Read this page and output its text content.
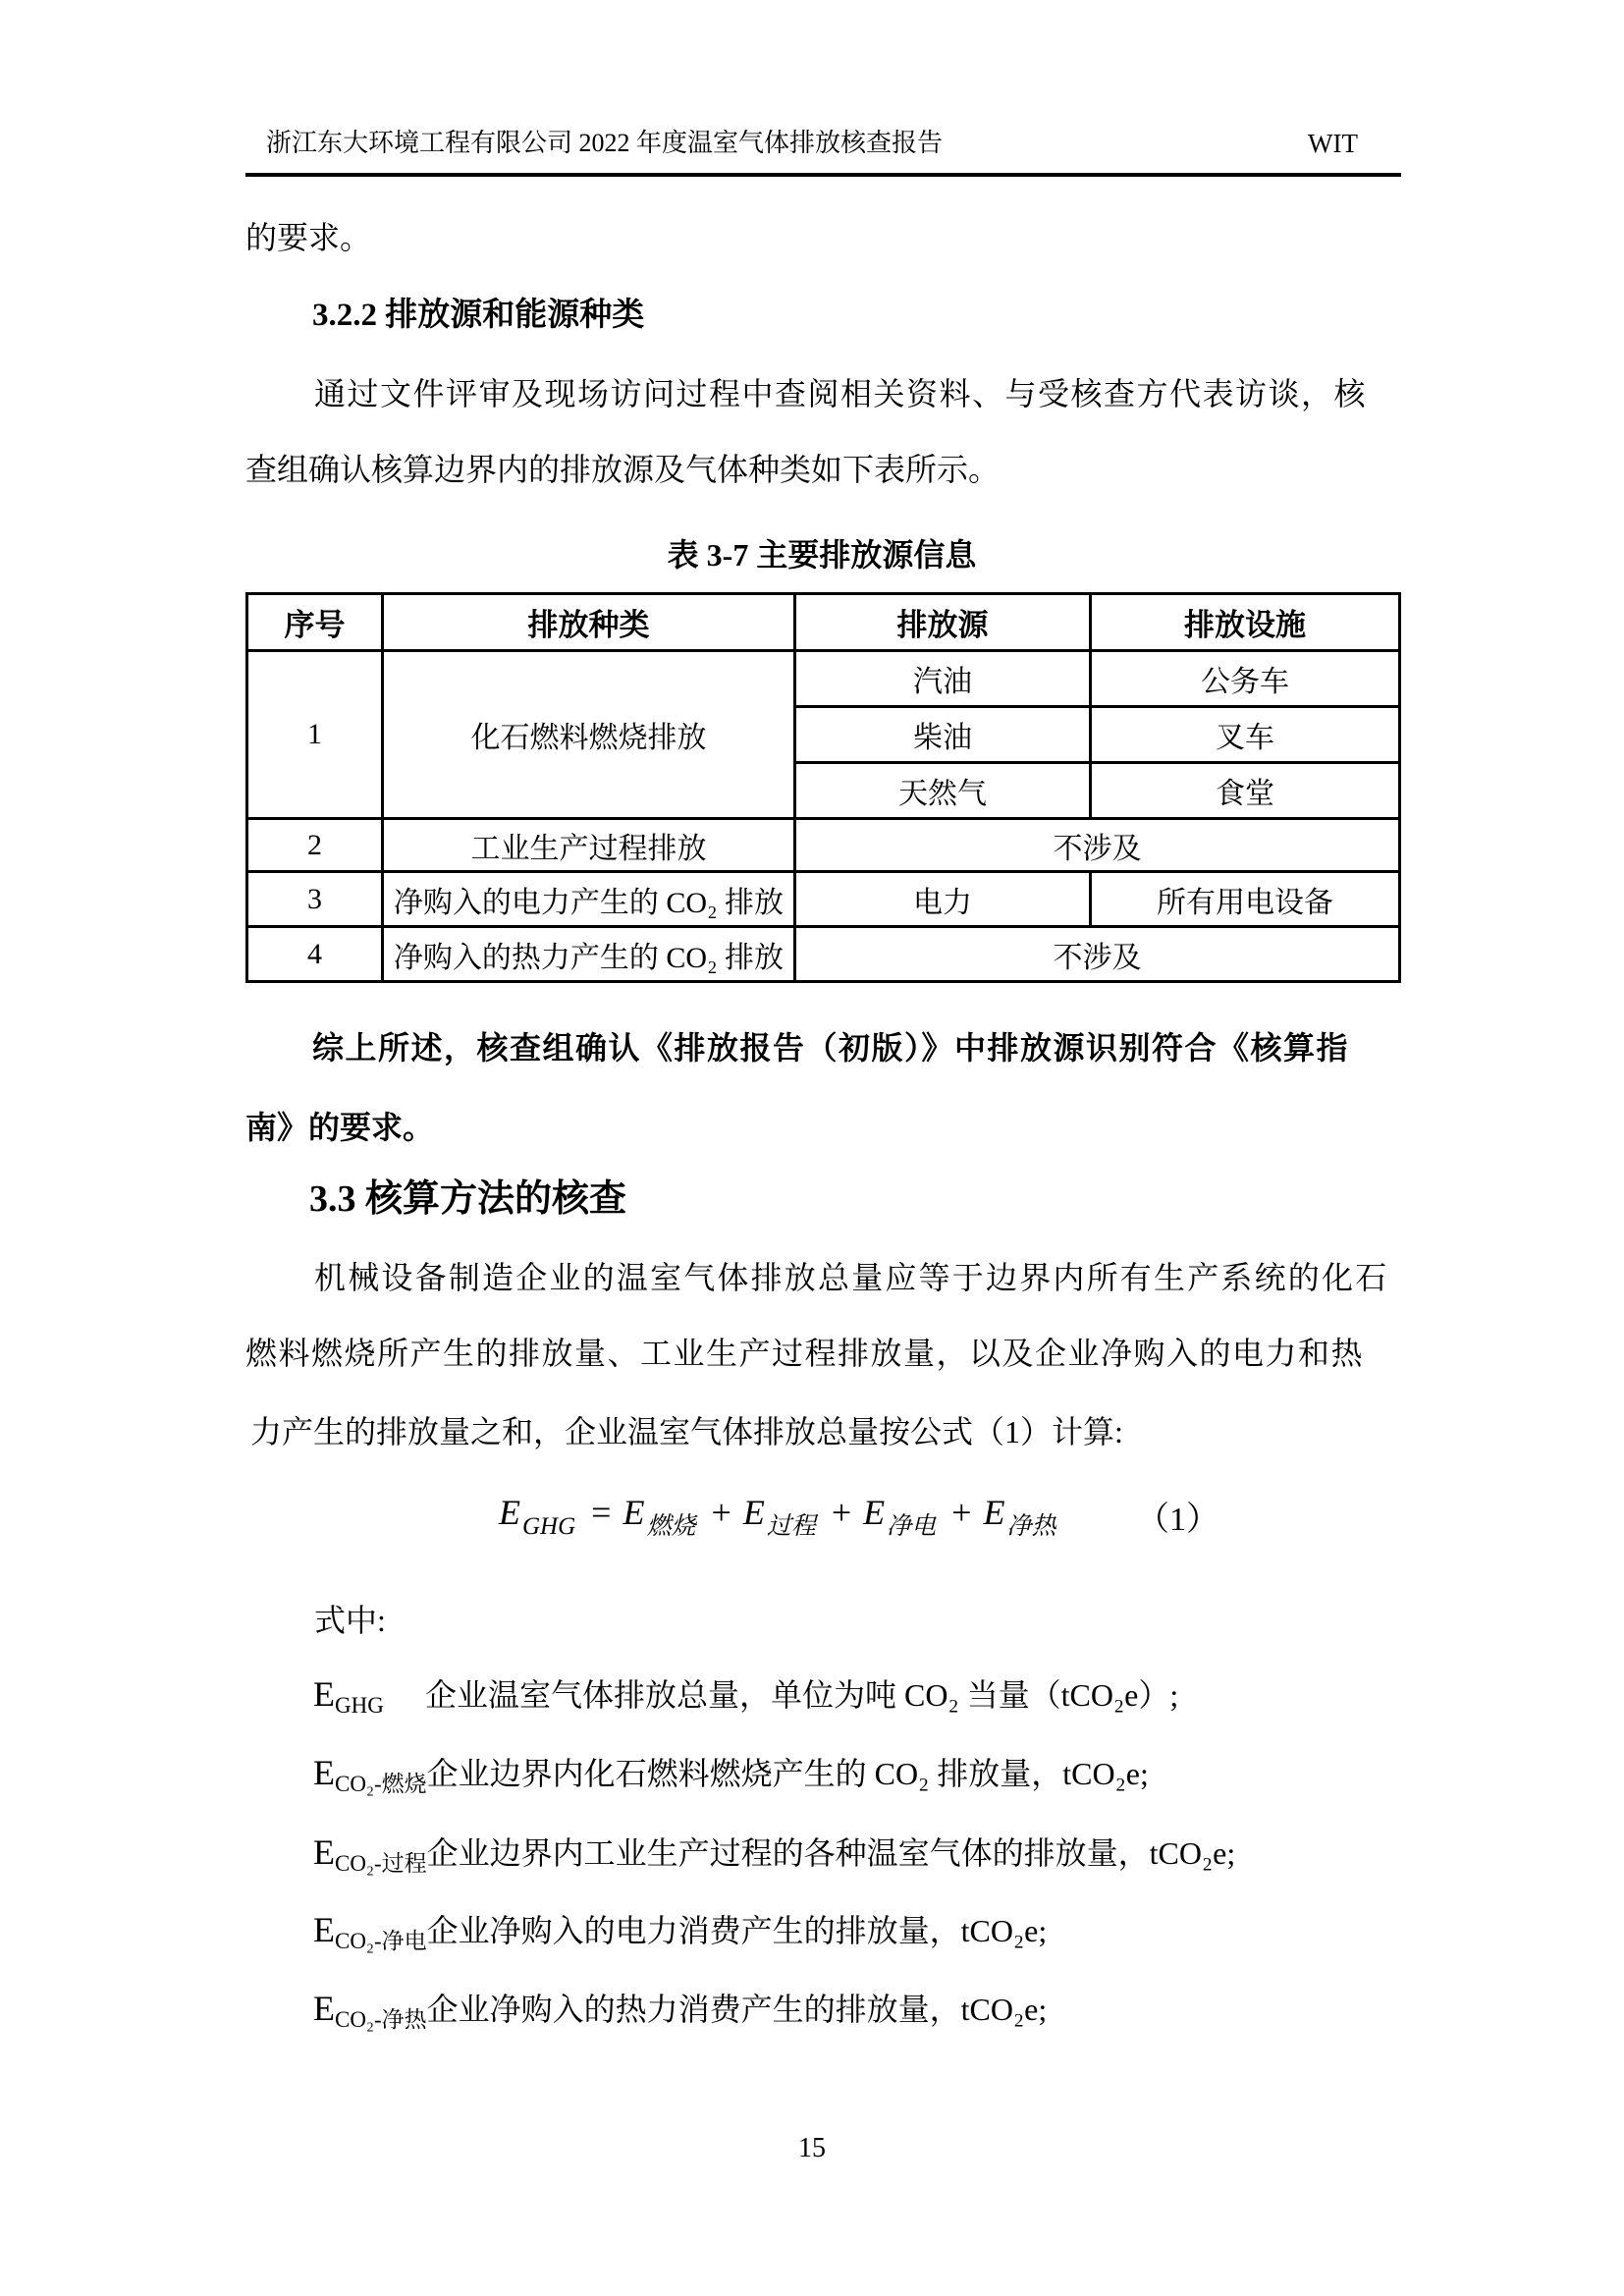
浙江东大环境工程有限公司 2022 年度温室气体排放核查报告	WIT
的要求。
3.2.2 排放源和能源种类
通过文件评审及现场访问过程中查阅相关资料、与受核查方代表访谈，核
查组确认核算边界内的排放源及气体种类如下表所示。
表 3-7 主要排放源信息
序号	排放种类	排放源	排放设施
1	化石燃料燃烧排放	汽油	公务车
		柴油	叉车
		天然气	食堂
2	工业生产过程排放	不涉及	
3	净购入的电力产生的 CO₂ 排放	电力	所有用电设备
4	净购入的热力产生的 CO₂ 排放	不涉及	
综上所述，核查组确认《排放报告（初版）》中排放源识别符合《核算指
南》的要求。
3.3 核算方法的核查
机械设备制造企业的温室气体排放总量应等于边界内所有生产系统的化石
燃料燃烧所产生的排放量、工业生产过程排放量，以及企业净购入的电力和热
力产生的排放量之和，企业温室气体排放总量按公式（1）计算:
$E_{GHG} = E_{燃烧} + E_{过程} + E_{净电} + E_{净热}$ （1）
式中:
$E_{GHG}$	企业温室气体排放总量，单位为吨 CO₂ 当量（tCO₂e）;
$E_{CO_2-燃烧}$ 企业边界内化石燃料燃烧产生的 CO₂ 排放量，tCO₂e;
$E_{CO_2-过程}$ 企业边界内工业生产过程的各种温室气体的排放量，tCO₂e;
$E_{CO_2-净电}$ 企业净购入的电力消费产生的排放量，tCO₂e;
$E_{CO_2-净热}$ 企业净购入的热力消费产生的排放量，tCO₂e;
15
